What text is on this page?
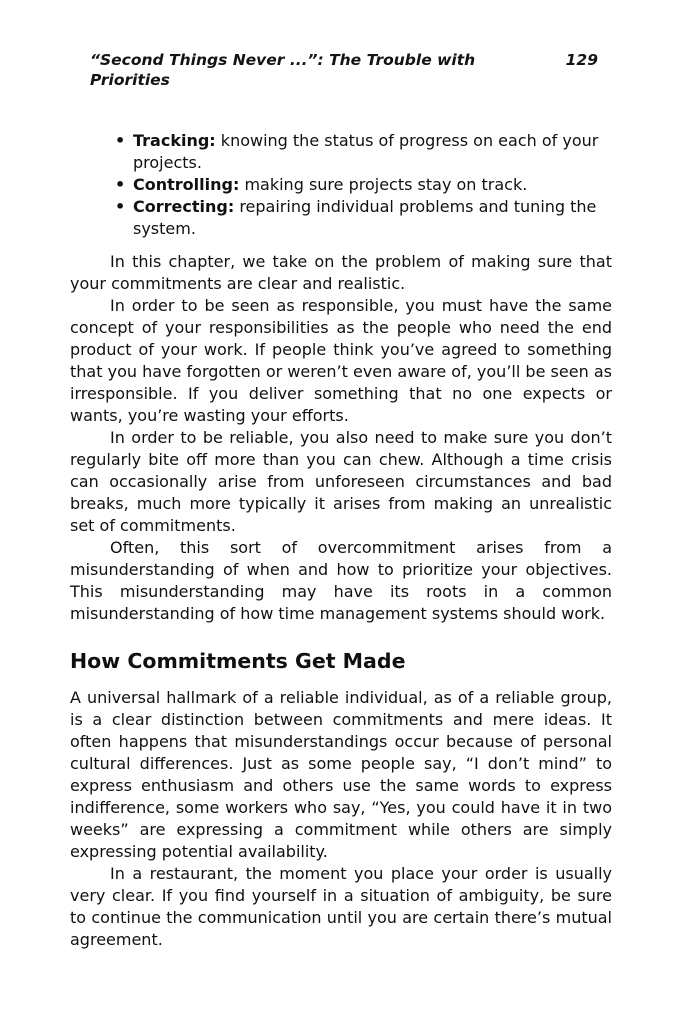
“Second Things Never ...”: The Trouble with Priorities
129
• Tracking: knowing the status of progress on each of your projects.
• Controlling: making sure projects stay on track.
• Correcting: repairing individual problems and tuning the system.

In this chapter, we take on the problem of making sure that your commitments are clear and realistic.

In order to be seen as responsible, you must have the same concept of your responsibilities as the people who need the end product of your work. If people think you’ve agreed to something that you have forgotten or weren’t even aware of, you’ll be seen as irresponsible. If you deliver something that no one expects or wants, you’re wasting your efforts.

In order to be reliable, you also need to make sure you don’t regularly bite off more than you can chew. Although a time crisis can occasionally arise from unforeseen circumstances and bad breaks, much more typically it arises from making an unrealistic set of commitments.

Often, this sort of overcommitment arises from a misunderstanding of when and how to prioritize your objectives. This misunderstanding may have its roots in a common misunderstanding of how time management systems should work.

How Commitments Get Made

A universal hallmark of a reliable individual, as of a reliable group, is a clear distinction between commitments and mere ideas. It often happens that misunderstandings occur because of personal cultural differences. Just as some people say, “I don’t mind” to express enthusiasm and others use the same words to express indifference, some workers who say, “Yes, you could have it in two weeks” are expressing a commitment while others are simply expressing potential availability.

In a restaurant, the moment you place your order is usually very clear. If you find yourself in a situation of ambiguity, be sure to continue the communication until you are certain there’s mutual agreement.
